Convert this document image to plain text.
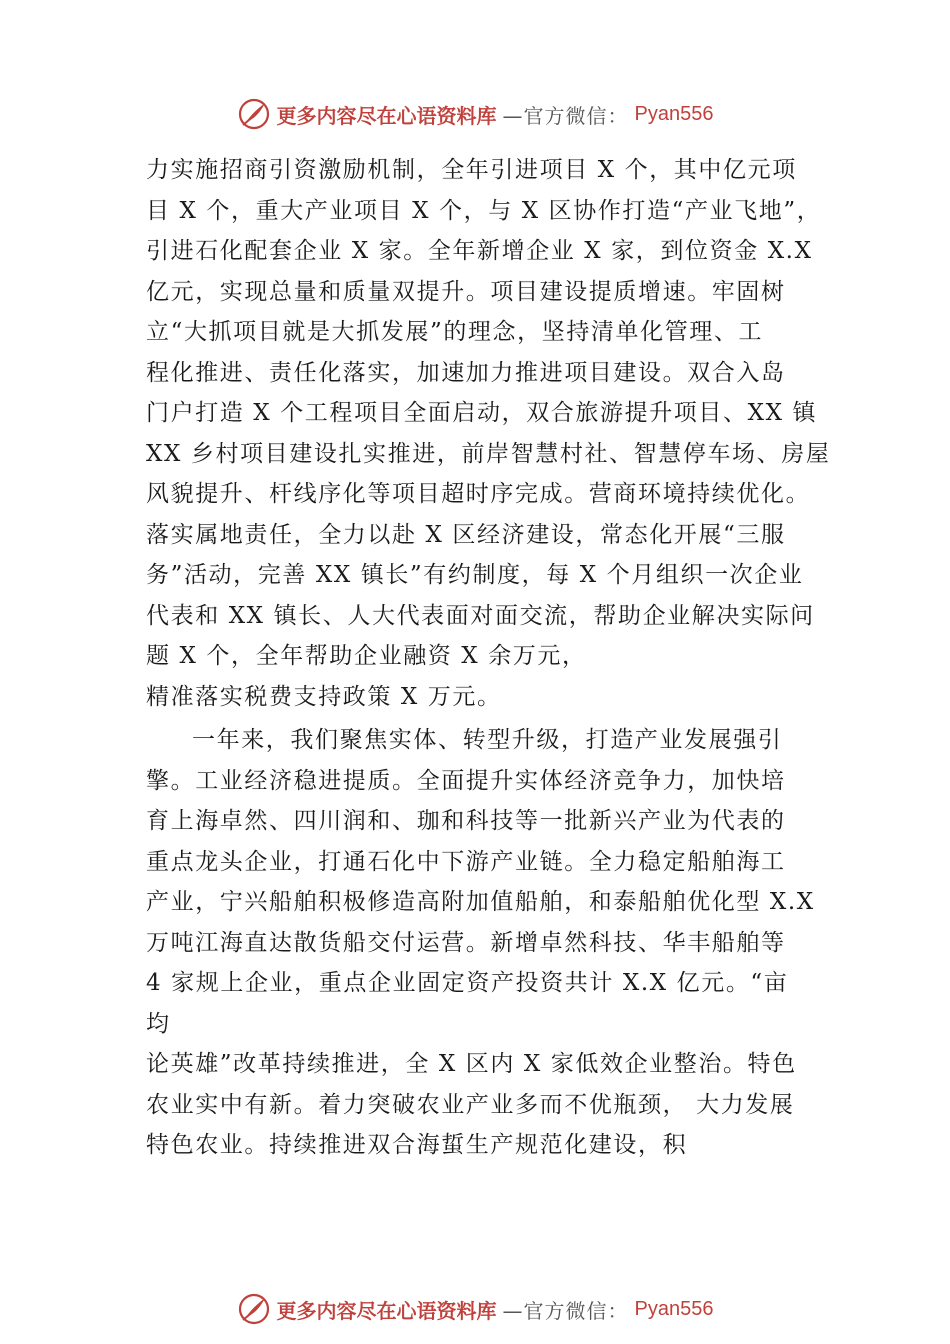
更多内容尽在心语资料库 —官方微信： Pyan556
力实施招商引资激励机制，全年引进项目 X 个，其中亿元项
目 X 个，重大产业项目 X 个，与 X 区协作打造“产业飞地”，
引进石化配套企业 X 家。全年新增企业 X 家，到位资金 X.X
亿元，实现总量和质量双提升。项目建设提质增速。牢固树
立“大抓项目就是大抓发展”的理念，坚持清单化管理、工
程化推进、责任化落实，加速加力推进项目建设。双合入岛
门户打造 X 个工程项目全面启动，双合旅游提升项目、XX 镇
XX 乡村项目建设扎实推进，前岸智慧村社、智慧停车场、房屋
风貌提升、杆线序化等项目超时序完成。营商环境持续优化。
落实属地责任，全力以赴 X 区经济建设，常态化开展“三服
务”活动，完善 XX 镇长”有约制度，每 X 个月组织一次企业
代表和 XX 镇长、人大代表面对面交流，帮助企业解决实际问
题 X 个，全年帮助企业融资 X 余万元，
精准落实税费支持政策 X 万元。
一年来，我们聚焦实体、转型升级，打造产业发展强引
擎。工业经济稳进提质。全面提升实体经济竞争力，加快培
育上海卓然、四川润和、珈和科技等一批新兴产业为代表的
重点龙头企业，打通石化中下游产业链。全力稳定船舶海工
产业，宁兴船舶积极修造高附加值船舶，和泰船舶优化型 X.X
万吨江海直达散货船交付运营。新增卓然科技、华丰船舶等
4 家规上企业，重点企业固定资产投资共计 X.X 亿元。“亩
均
论英雄”改革持续推进，全 X 区内 X 家低效企业整治。特色
农业实中有新。着力突破农业产业多而不优瓶颈， 大力发展
特色农业。持续推进双合海蜇生产规范化建设，积
更多内容尽在心语资料库 —官方微信： Pyan556
